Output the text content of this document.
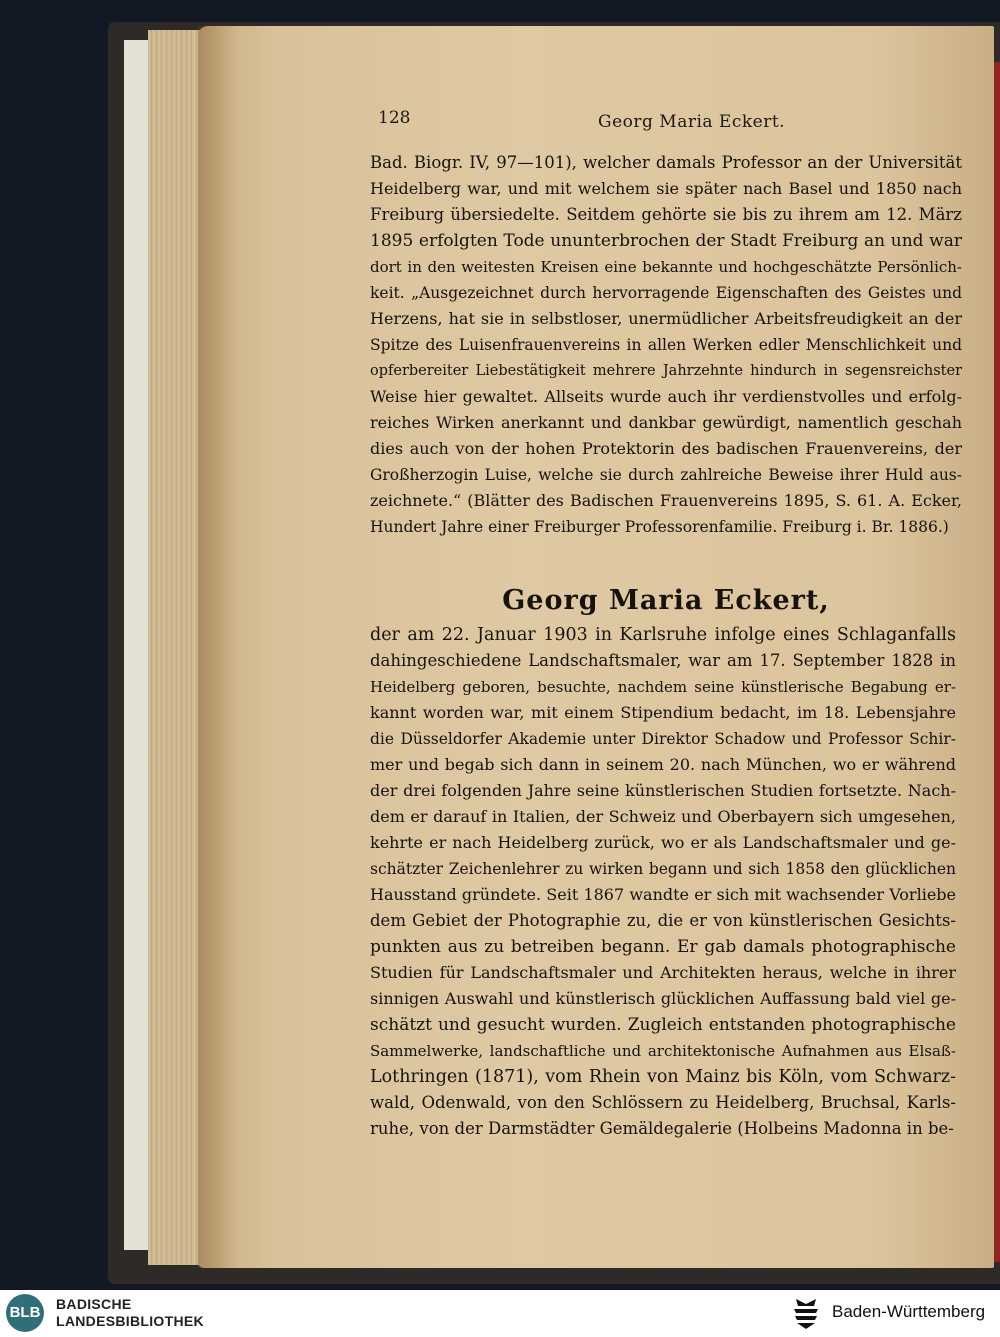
128	Georg Maria Eckert.
Bad. Biogr. IV, 97—101), welcher damals Professor an der Universität
Heidelberg war, und mit welchem sie später nach Basel und 1850 nach
Freiburg übersiedelte. Seitdem gehörte sie bis zu ihrem am 12. März
1895 erfolgten Tode ununterbrochen der Stadt Freiburg an und war
dort in den weitesten Kreisen eine bekannte und hochgeschätzte Persönlich-
keit. „Ausgezeichnet durch hervorragende Eigenschaften des Geistes und
Herzens, hat sie in selbstloser, unermüdlicher Arbeitsfreudigkeit an der
Spitze des Luisenfrauenvereins in allen Werken edler Menschlichkeit und
opferbereiter Liebestätigkeit mehrere Jahrzehnte hindurch in segensreichster
Weise hier gewaltet. Allseits wurde auch ihr verdienstvolles und erfolg-
reiches Wirken anerkannt und dankbar gewürdigt, namentlich geschah
dies auch von der hohen Protektorin des badischen Frauenvereins, der
Großherzogin Luise, welche sie durch zahlreiche Beweise ihrer Huld aus-
zeichnete.“ (Blätter des Badischen Frauenvereins 1895, S. 61. A. Ecker,
Hundert Jahre einer Freiburger Professorenfamilie. Freiburg i. Br. 1886.)
Georg Maria Eckert,
der am 22. Januar 1903 in Karlsruhe infolge eines Schlaganfalls
dahingeschiedene Landschaftsmaler, war am 17. September 1828 in
Heidelberg geboren, besuchte, nachdem seine künstlerische Begabung er-
kannt worden war, mit einem Stipendium bedacht, im 18. Lebensjahre
die Düsseldorfer Akademie unter Direktor Schadow und Professor Schir-
mer und begab sich dann in seinem 20. nach München, wo er während
der drei folgenden Jahre seine künstlerischen Studien fortsetzte. Nach-
dem er darauf in Italien, der Schweiz und Oberbayern sich umgesehen,
kehrte er nach Heidelberg zurück, wo er als Landschaftsmaler und ge-
schätzter Zeichenlehrer zu wirken begann und sich 1858 den glücklichen
Hausstand gründete. Seit 1867 wandte er sich mit wachsender Vorliebe
dem Gebiet der Photographie zu, die er von künstlerischen Gesichts-
punkten aus zu betreiben begann. Er gab damals photographische
Studien für Landschaftsmaler und Architekten heraus, welche in ihrer
sinnigen Auswahl und künstlerisch glücklichen Auffassung bald viel ge-
schätzt und gesucht wurden. Zugleich entstanden photographische
Sammelwerke, landschaftliche und architektonische Aufnahmen aus Elsaß-
Lothringen (1871), vom Rhein von Mainz bis Köln, vom Schwarz-
wald, Odenwald, von den Schlössern zu Heidelberg, Bruchsal, Karls-
ruhe, von der Darmstädter Gemäldegalerie (Holbeins Madonna in be-
BLB BADISCHE
LANDESBIBLIOTHEK	Baden-Württemberg
